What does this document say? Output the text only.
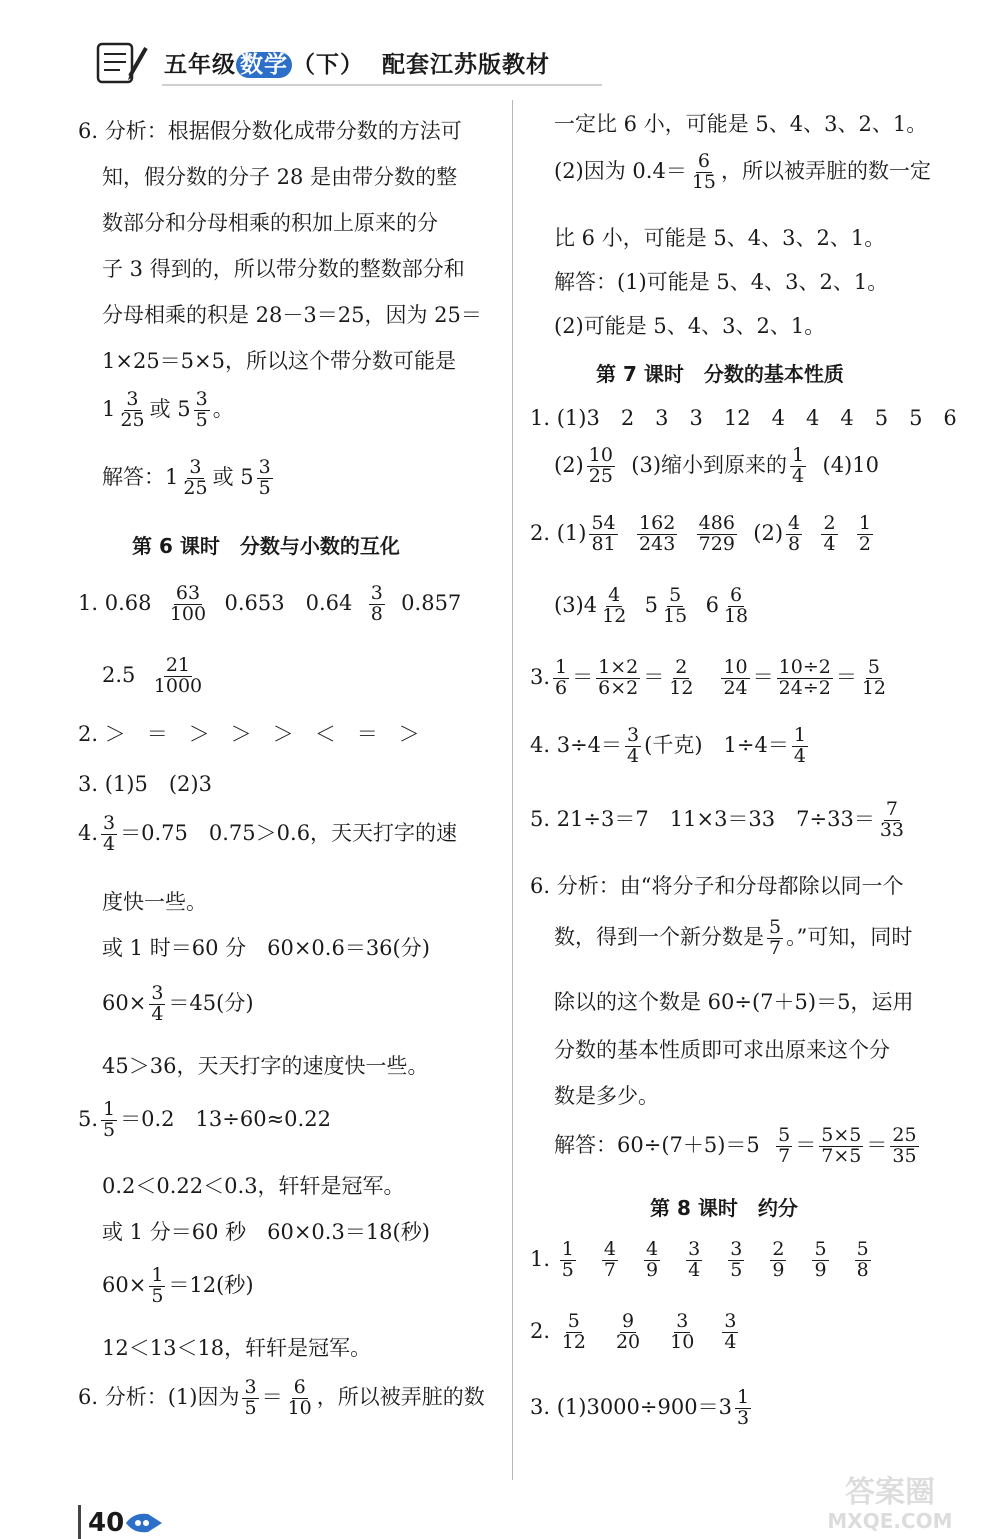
五年级 数学 （下） 配套江苏版教材
6. 分析：根据假分数化成带分数的方法可
知，假分数的分子 28 是由带分数的整
数部分和分母相乘的积加上原来的分
子 3 得到的，所以带分数的整数部分和
分母相乘的积是 28－3＝25，因为 25＝
1×25＝5×5，所以这个带分数可能是
$1 \frac{3}{25}$ 或 $5 \frac{3}{5}$ 。
解答：$1 \frac{3}{25}$ 或 $5 \frac{3}{5}$
第 6 课时　分数与小数的互化
1. $0.68 \frac{63}{100} 0.653$　$0.64 \frac{3}{8} 0.857$
$2.5 \frac{21}{1000}$
2. ＞　＝　＞　＞　＞　＜　＝　＞
3. (1)5　(2)3
4. $\frac{3}{4} =0.75$　0.75＞0.6，天天打字的速
度快一些。
或 1 时＝60 分　60×0.6＝36(分)
$60\times \frac{3}{4} =45$(分)
45＞36，天天打字的速度快一些。
5. $\frac{1}{5} =0.2$　13÷60≈0.22
0.2＜0.22＜0.3，轩轩是冠军。
或 1 分＝60 秒　60×0.3＝18(秒)
$60\times \frac{1}{5} =12$(秒)
12＜13＜18，轩轩是冠军。
6. 分析：(1)因为 $\frac{3}{5} = \frac{6}{10}$ ，所以被弄脏的数
一定比 6 小，可能是 5、4、3、2、1。
(2)因为 $0.4= \frac{6}{15}$ ，所以被弄脏的数一定
比 6 小，可能是 5、4、3、2、1。
解答：(1)可能是 5、4、3、2、1。
(2)可能是 5、4、3、2、1。
第 7 课时　分数的基本性质
1. (1)3　2　3　3　12　4　4　4　5　5　6
$(2) \frac{10}{25} (3)$缩小到原来的 $\frac{1}{4} (4)10$
2. $(1) \frac{54}{81}$
$\frac{162}{243}$
$\frac{486}{729} (2) \frac{4}{8}$
$\frac{2}{4}$
$\frac{1}{2}$
$(3)4 \frac{4}{12} 5 \frac{5}{15} 6 \frac{6}{18}$
3. $\frac{1}{6} = \frac{1\times 2}{6\times 2} = \frac{2}{12}$
$\frac{10}{24} = \frac{10\div 2}{24\div 2} = \frac{5}{12}$
4. $3\div 4= \frac{3}{4}$ (千克)　$1\div 4= \frac{1}{4}$
5. 21÷3＝7　11×3＝33　$7\div 33= \frac{7}{33}$
6. 分析：由“将分子和分母都除以同一个
数，得到一个新分数是 $\frac{5}{7}$ 。”可知，同时
除以的这个数是 60÷(7＋5)＝5，运用
分数的基本性质即可求出原来这个分
数是多少。
解答：$60\div(7+5)=5 \frac{5}{7} = \frac{5\times 5}{7\times 5} = \frac{25}{35}$
第 8 课时　约分
1. $\frac{1}{5}$
$\frac{4}{7}$
$\frac{4}{9}$
$\frac{3}{4}$
$\frac{3}{5}$
$\frac{2}{9}$
$\frac{5}{9}$
$\frac{5}{8}$
2. $\frac{5}{12}$
$\frac{9}{20}$
$\frac{3}{10}$
$\frac{3}{4}$
3. $(1)3000\div 900=3 \frac{1}{3}$
40
答案圈
MXQE.COM
